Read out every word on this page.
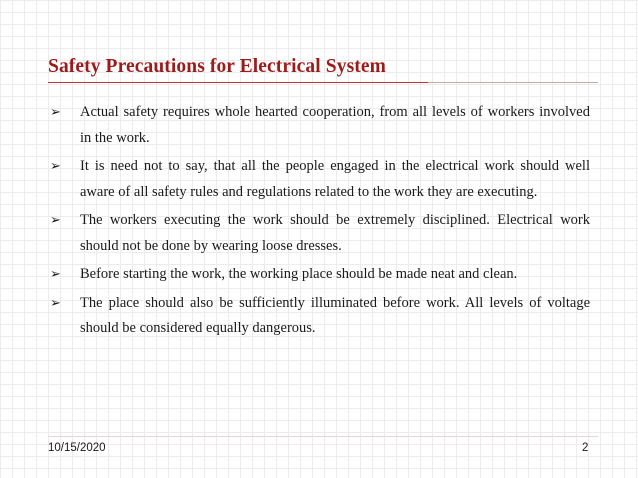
Safety Precautions for Electrical System
➢	Actual safety requires whole hearted cooperation, from all levels of workers involved in the work.
➢	It is need not to say, that all the people engaged in the electrical work should well aware of all safety rules and regulations related to the work they are executing.
➢	The workers executing the work should be extremely disciplined. Electrical work should not be done by wearing loose dresses.
➢	Before starting the work, the working place should be made neat and clean.
➢	The place should also be sufficiently illuminated before work. All levels of voltage should be considered equally dangerous.
10/15/2020	2
